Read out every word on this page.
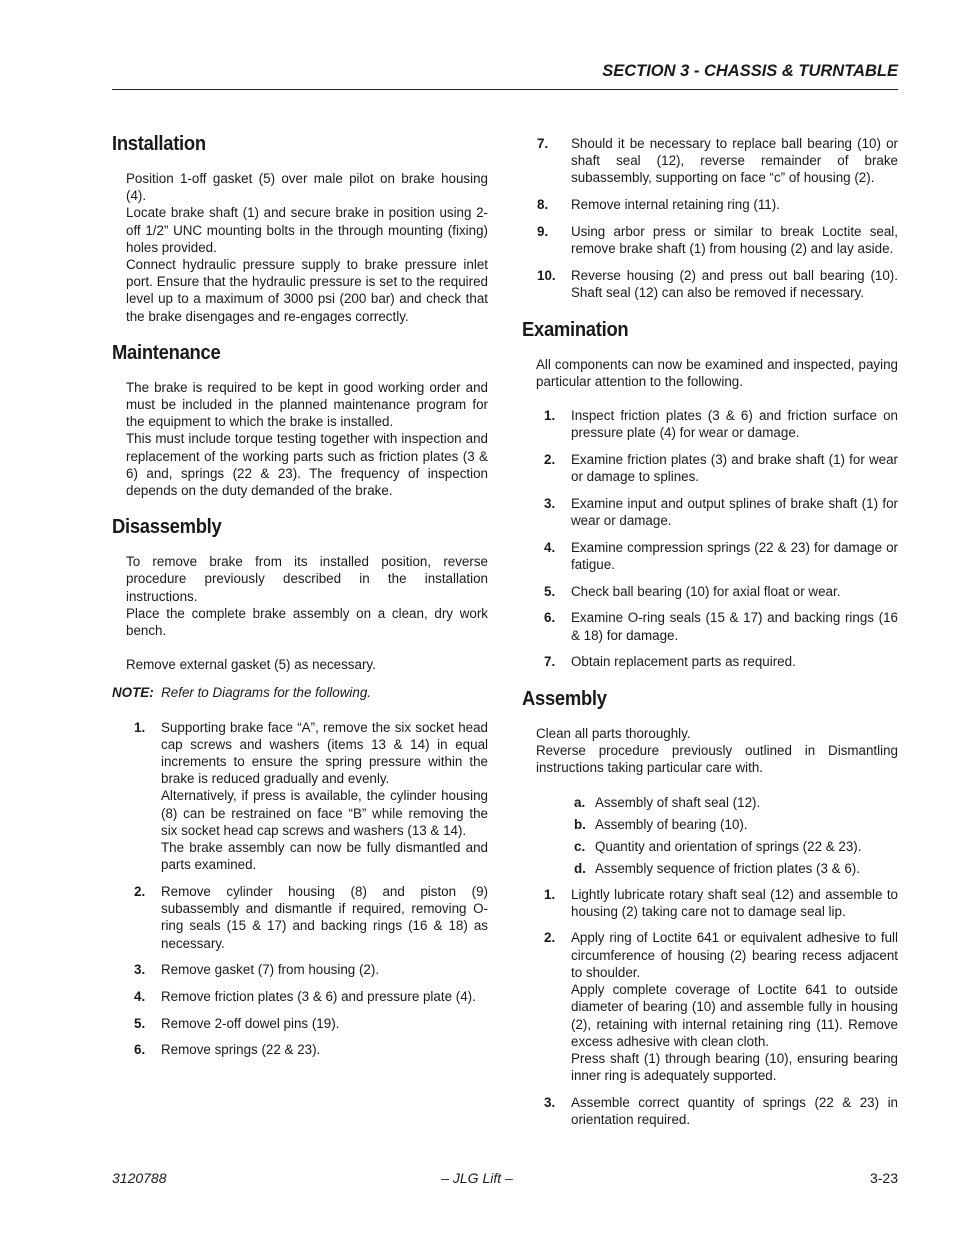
SECTION 3 - CHASSIS & TURNTABLE
Installation

Position 1-off gasket (5) over male pilot on brake housing (4).

Locate brake shaft (1) and secure brake in position using 2-off 1/2” UNC mounting bolts in the through mounting (fixing) holes provided.

Connect hydraulic pressure supply to brake pressure inlet port. Ensure that the hydraulic pressure is set to the required level up to a maximum of 3000 psi (200 bar) and check that the brake disengages and re-engages correctly.

Maintenance

The brake is required to be kept in good working order and must be included in the planned maintenance program for the equipment to which the brake is installed.

This must include torque testing together with inspection and replacement of the working parts such as friction plates (3 & 6) and, springs (22 & 23). The frequency of inspection depends on the duty demanded of the brake.

Disassembly

To remove brake from its installed position, reverse procedure previously described in the installation instructions.

Place the complete brake assembly on a clean, dry work bench.

Remove external gasket (5) as necessary.

NOTE: Refer to Diagrams for the following.

1. Supporting brake face “A”, remove the six socket head cap screws and washers (items 13 & 14) in equal increments to ensure the spring pressure within the brake is reduced gradually and evenly.
Alternatively, if press is available, the cylinder housing (8) can be restrained on face “B” while removing the six socket head cap screws and washers (13 & 14).
The brake assembly can now be fully dismantled and parts examined.
2. Remove cylinder housing (8) and piston (9) subassembly and dismantle if required, removing O-ring seals (15 & 17) and backing rings (16 & 18) as necessary.
3. Remove gasket (7) from housing (2).
4. Remove friction plates (3 & 6) and pressure plate (4).
5. Remove 2-off dowel pins (19).
6. Remove springs (22 & 23).
7. Should it be necessary to replace ball bearing (10) or shaft seal (12), reverse remainder of brake subassembly, supporting on face “c” of housing (2).
8. Remove internal retaining ring (11).
9. Using arbor press or similar to break Loctite seal, remove brake shaft (1) from housing (2) and lay aside.
10. Reverse housing (2) and press out ball bearing (10). Shaft seal (12) can also be removed if necessary.
Examination

All components can now be examined and inspected, paying particular attention to the following.

1. Inspect friction plates (3 & 6) and friction surface on pressure plate (4) for wear or damage.
2. Examine friction plates (3) and brake shaft (1) for wear or damage to splines.
3. Examine input and output splines of brake shaft (1) for wear or damage.
4. Examine compression springs (22 & 23) for damage or fatigue.
5. Check ball bearing (10) for axial float or wear.
6. Examine O-ring seals (15 & 17) and backing rings (16 & 18) for damage.
7. Obtain replacement parts as required.
Assembly

Clean all parts thoroughly.

Reverse procedure previously outlined in Dismantling instructions taking particular care with.

a. Assembly of shaft seal (12).
b. Assembly of bearing (10).
c. Quantity and orientation of springs (22 & 23).
d. Assembly sequence of friction plates (3 & 6).
1. Lightly lubricate rotary shaft seal (12) and assemble to housing (2) taking care not to damage seal lip.
2. Apply ring of Loctite 641 or equivalent adhesive to full circumference of housing (2) bearing recess adjacent to shoulder.
Apply complete coverage of Loctite 641 to outside diameter of bearing (10) and assemble fully in housing (2), retaining with internal retaining ring (11). Remove excess adhesive with clean cloth.
Press shaft (1) through bearing (10), ensuring bearing inner ring is adequately supported.
3. Assemble correct quantity of springs (22 & 23) in orientation required.
3120788	– JLG Lift –	3-23
